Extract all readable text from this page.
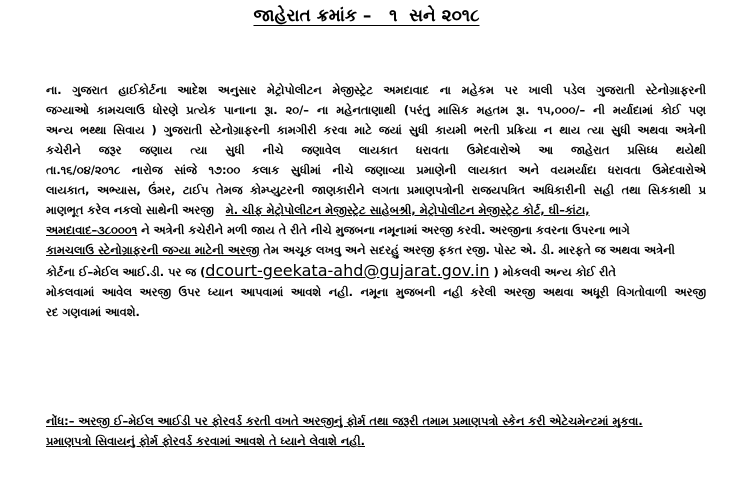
જાહેરાત ક્રમાંક –   ૧  સને ૨૦૧૮
ના. ગુજરાત હાઈકોર્ટના આદેશ અનુસાર મેટ્રોપોલીટન મેજીસ્ટ્રેટ અમદાવાદ ના મહેકમ પર ખાલી પડેલ ગુજરાતી સ્ટેનોગ્રાફરની
જગ્યાઓ કામચલાઉ ધોરણે પ્રત્યેક પાનાના રૂા. ૨૦/– ના મહેનતાણાથી (પરંતુ માસિક મહતમ રૂા. ૧૫,૦૦૦/– ની મર્યાદામાં કોઈ પણ
અન્ય ભથ્થા સિવાય ) ગુજરાતી સ્ટેનોગ્રાફરની કામગીરી કરવા માટે જયાં સુધી કાયમી ભરતી પ્રક્રિયા ન થાય ત્યા સુધી અથવા અત્રેની
કચેરીને જરૂર જણાય ત્યા સુધી નીચે જણાવેલ લાયકાત ધરાવતા ઉમેદવારોએ આ જાહેરાત પ્રસિધ્ધ થયેથી
તા.૧૬/૦૪/૨૦૧૮ નારોજ સાંજે ૧૭:૦૦ કલાક સુધીમાં નીચે જણાવ્યા પ્રમાણેની લાયકાત અને વયમર્યાદા ધરાવતા ઉમેદવારોએ
લાયકાત, અભ્યાસ, ઉંમર, ટાઈપ તેમજ કોમ્પ્યુટરની જાણકારીને લગતા પ્રમાણપત્રોની રાજયપત્રિત અધિકારીની સહી તથા સિકકાથી પ્ર
માણભૂત કરેલ નકલો સાથેની અરજી મે. ચીફ મેટ્રોપોલીટન મેજીસ્ટ્રેટ સાહેબશ્રી, મેટ્રોપોલીટન મેજીસ્ટ્રેટ કોર્ટ, ઘી–કાંટા,
અમદાવાદ–૩૮૦૦૦૧ ને અત્રેની કચેરીને મળી જાય તે રીતે નીચે મુજબના નમૂનામાં અરજી કરવી. અરજીના કવરના ઉપરના ભાગે
કામચલાઉ સ્ટેનોગ્રાફરની જગ્યા માટેની અરજી તેમ અચૂક લખવુ અને સદરહું અરજી ફકત રજી. પોસ્ટ એ. ડી. મારફતે જ અથવા અત્રેની
કોર્ટના ઈ–મેઈલ આઈ.ડી. પર જ (dcourt-geekata-ahd@gujarat.gov.in ) મોકલવી અન્ય કોઈ રીતે
મોકલવામાં આવેલ અરજી ઉપર ધ્યાન આપવામાં આવશે નહી. નમૂના મુજબની નહી કરેલી અરજી અથવા અધૂરી વિગતોવાળી અરજી
રદ ગણવામાં આવશે.
નોંધ:– અરજી ઈ–મેઈલ આઈડી પર ફોરવર્ડ કરતી વખતે અરજીનું ફોર્મ તથા જરૂરી તમામ પ્રમાણપત્રો સ્કેન કરી એટેચમેન્ટમાં મુકવા.
પ્રમાણપત્રો સિવાયનું ફોર્મ ફોરવર્ડ કરવામાં આવશે તે ધ્યાને લેવાશે નહી.
